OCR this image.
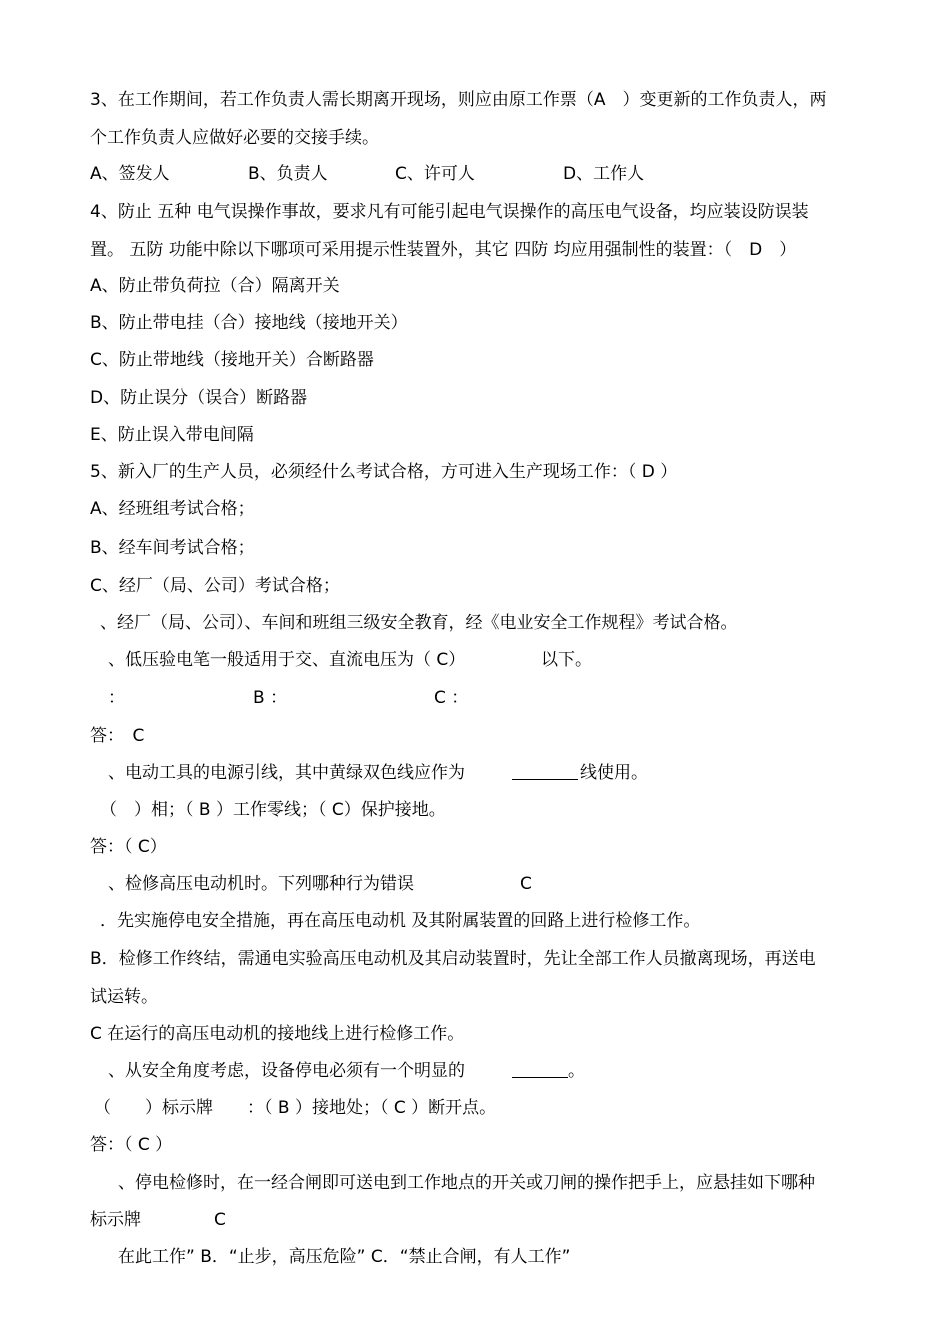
3、在工作期间，若工作负责人需长期离开现场，则应由原工作票（A　）变更新的工作负责人，两
个工作负责人应做好必要的交接手续。
A、签发人	B、负责人	C、许可人	D、工作人
4、防止 五种 电气误操作事故，要求凡有可能引起电气误操作的高压电气设备，均应装设防误装
置。 五防 功能中除以下哪项可采用提示性装置外，其它 四防 均应用强制性的装置：（　D　）
A、防止带负荷拉（合）隔离开关
B、防止带电挂（合）接地线（接地开关）
C、防止带地线（接地开关）合断路器
D、防止误分（误合）断路器
E、防止误入带电间隔
5、新入厂的生产人员，必须经什么考试合格，方可进入生产现场工作：（ D ）
A、经班组考试合格；
B、经车间考试合格；
C、经厂（局、公司）考试合格；
、经厂（局、公司）、车间和班组三级安全教育，经《电业安全工作规程》考试合格。
、低压验电笔一般适用于交、直流电压为（ C）	以下。
：	B ：	C ：
答：　C
、电动工具的电源引线，其中黄绿双色线应作为	线使用。
（　）相；（ B ）工作零线；（ C）保护接地。
答：（ C）
、检修高压电动机时。下列哪种行为错误	C
．先实施停电安全措施，再在高压电动机 及其附属装置的回路上进行检修工作。
B．检修工作终结，需通电实验高压电动机及其启动装置时，先让全部工作人员撤离现场，再送电
试运转。
C 在运行的高压电动机的接地线上进行检修工作。
、从安全角度考虑，设备停电必须有一个明显的	。
（　　）标示牌　　：（ B ）接地处；（ C ）断开点。
答：（ C ）
、停电检修时，在一经合闸即可送电到工作地点的开关或刀闸的操作把手上，应悬挂如下哪种
标示牌	C
在此工作” B．“止步，高压危险” C．“禁止合闸，有人工作”
